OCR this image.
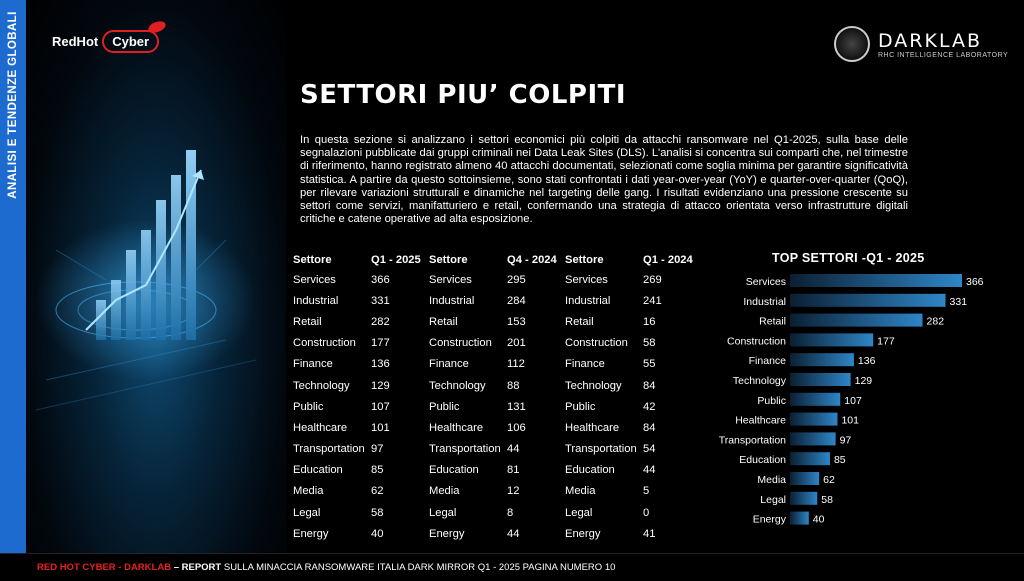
ANALISI E TENDENZE GLOBALI	RedHot	Cyber	DARKLAB
RHC INTELLIGENCE LABORATORY
SETTORI PIU’ COLPITI
In questa sezione si analizzano i settori economici più colpiti da attacchi ransomware nel Q1-2025, sulla base delle segnalazioni pubblicate dai gruppi criminali nei Data Leak Sites (DLS). L'analisi si concentra sui comparti che, nel trimestre di riferimento, hanno registrato almeno 40 attacchi documentati, selezionati come soglia minima per garantire significatività statistica. A partire da questo sottoinsieme, sono stati confrontati i dati year-over-year (YoY) e quarter-over-quarter (QoQ), per rilevare variazioni strutturali e dinamiche nel targeting delle gang. I risultati evidenziano una pressione crescente su settori come servizi, manifatturiero e retail, confermando una strategia di attacco orientata verso infrastrutture digitali critiche e catene operative ad alta esposizione.
Settore	Q1 - 2025	Settore	Q4 - 2024	Settore	Q1 - 2024
Services	366	Services	295	Services	269
Industrial	331	Industrial	284	Industrial	241
Retail	282	Retail	153	Retail	16
Construction	177	Construction	201	Construction	58
Finance	136	Finance	112	Finance	55
Technology	129	Technology	88	Technology	84
Public	107	Public	131	Public	42
Healthcare	101	Healthcare	106	Healthcare	84
Transportation	97	Transportation	44	Transportation	54
Education	85	Education	81	Education	44
Media	62	Media	12	Media	5
Legal	58	Legal	8	Legal	0
Energy	40	Energy	44	Energy	41
TOP SETTORI -Q1 - 2025
Services	366
Industrial	331
Retail	282
Construction	177
Finance	136
Technology	129
Public	107
Healthcare	101
Transportation	97
Education	85
Media	62
Legal	58
Energy	40
RED HOT CYBER - DARKLAB – REPORT SULLA MINACCIA RANSOMWARE ITALIA DARK MIRROR Q1 - 2025 PAGINA NUMERO 10
